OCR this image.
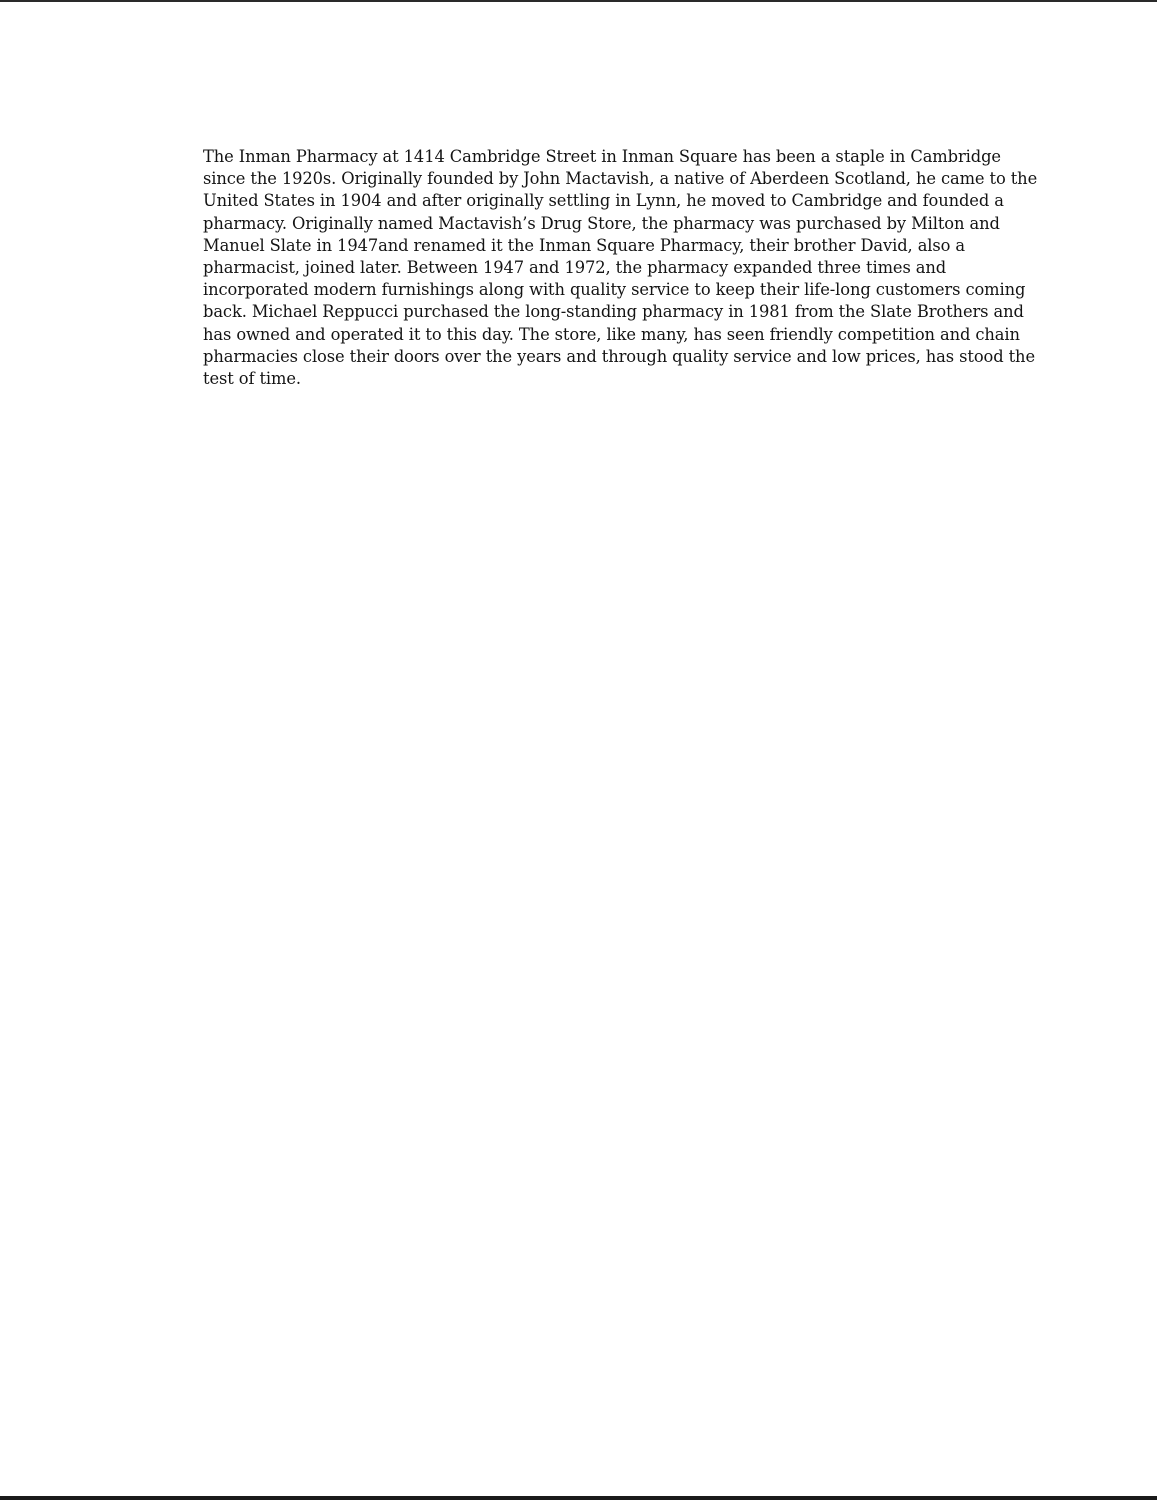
The Inman Pharmacy at 1414 Cambridge Street in Inman Square has been a staple in Cambridge
since the 1920s. Originally founded by John Mactavish, a native of Aberdeen Scotland, he came to the
United States in 1904 and after originally settling in Lynn, he moved to Cambridge and founded a
pharmacy. Originally named Mactavish’s Drug Store, the pharmacy was purchased by Milton and
Manuel Slate in 1947and renamed it the Inman Square Pharmacy, their brother David, also a
pharmacist, joined later. Between 1947 and 1972, the pharmacy expanded three times and
incorporated modern furnishings along with quality service to keep their life-long customers coming
back. Michael Reppucci purchased the long-standing pharmacy in 1981 from the Slate Brothers and
has owned and operated it to this day. The store, like many, has seen friendly competition and chain
pharmacies close their doors over the years and through quality service and low prices, has stood the
test of time.
